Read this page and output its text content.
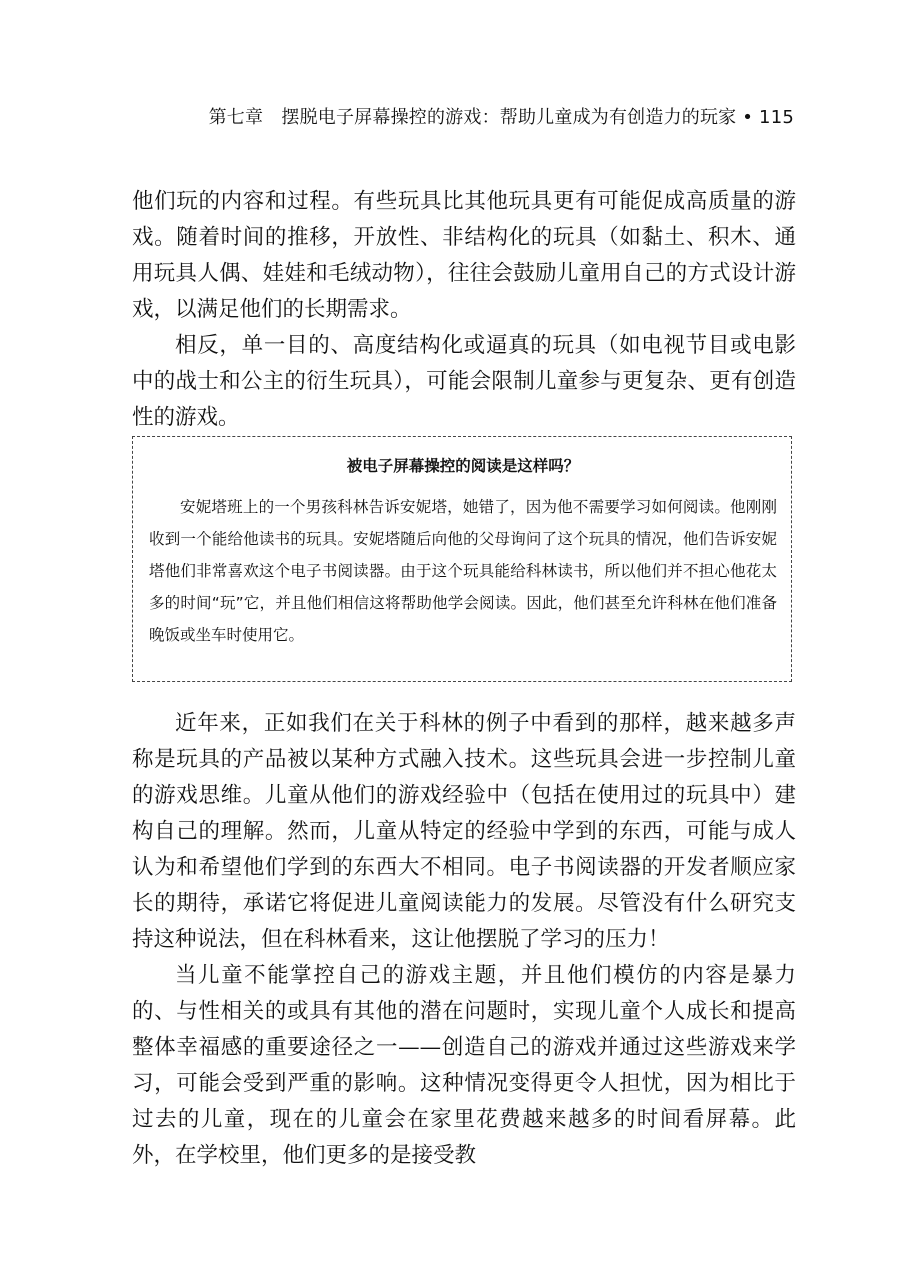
第七章　摆脱电子屏幕操控的游戏：帮助儿童成为有创造力的玩家 • 115

他们玩的内容和过程。有些玩具比其他玩具更有可能促成高质量的游戏。随着时间的推移，开放性、非结构化的玩具（如黏土、积木、通用玩具人偶、娃娃和毛绒动物），往往会鼓励儿童用自己的方式设计游戏，以满足他们的长期需求。

相反，单一目的、高度结构化或逼真的玩具（如电视节目或电影中的战士和公主的衍生玩具），可能会限制儿童参与更复杂、更有创造性的游戏。

被电子屏幕操控的阅读是这样吗？

安妮塔班上的一个男孩科林告诉安妮塔，她错了，因为他不需要学习如何阅读。他刚刚收到一个能给他读书的玩具。安妮塔随后向他的父母询问了这个玩具的情况，他们告诉安妮塔他们非常喜欢这个电子书阅读器。由于这个玩具能给科林读书，所以他们并不担心他花太多的时间“玩”它，并且他们相信这将帮助他学会阅读。因此，他们甚至允许科林在他们准备晚饭或坐车时使用它。

近年来，正如我们在关于科林的例子中看到的那样，越来越多声称是玩具的产品被以某种方式融入技术。这些玩具会进一步控制儿童的游戏思维。儿童从他们的游戏经验中（包括在使用过的玩具中）建构自己的理解。然而，儿童从特定的经验中学到的东西，可能与成人认为和希望他们学到的东西大不相同。电子书阅读器的开发者顺应家长的期待，承诺它将促进儿童阅读能力的发展。尽管没有什么研究支持这种说法，但在科林看来，这让他摆脱了学习的压力！

当儿童不能掌控自己的游戏主题，并且他们模仿的内容是暴力的、与性相关的或具有其他的潜在问题时，实现儿童个人成长和提高整体幸福感的重要途径之一——创造自己的游戏并通过这些游戏来学习，可能会受到严重的影响。这种情况变得更令人担忧，因为相比于过去的儿童，现在的儿童会在家里花费越来越多的时间看屏幕。此外，在学校里，他们更多的是接受教
